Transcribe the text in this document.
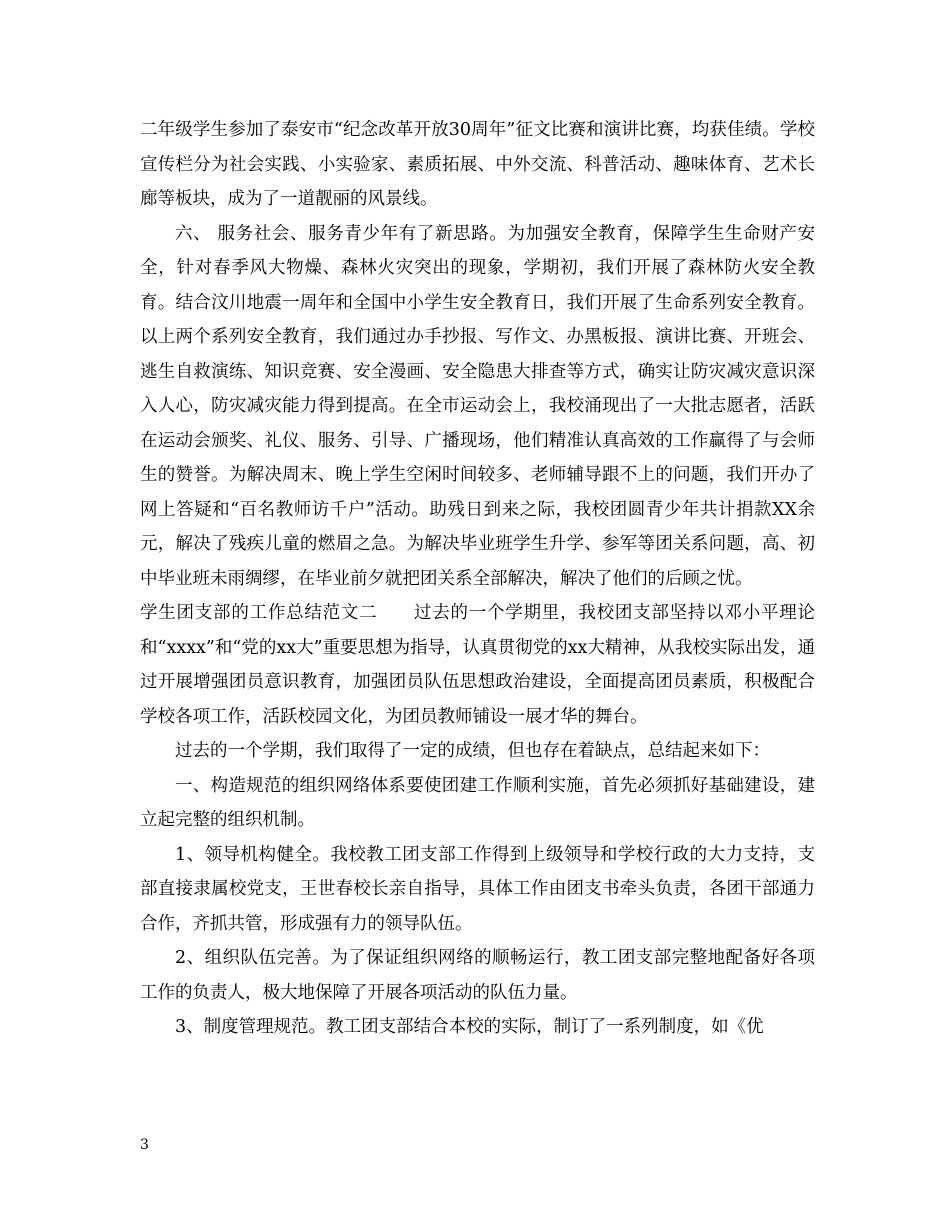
二年级学生参加了泰安市“纪念改革开放30周年”征文比赛和演讲比赛，均获佳绩。学校宣传栏分为社会实践、小实验家、素质拓展、中外交流、科普活动、趣味体育、艺术长廊等板块，成为了一道靓丽的风景线。

六、 服务社会、服务青少年有了新思路。为加强安全教育，保障学生生命财产安全，针对春季风大物燥、森林火灾突出的现象，学期初，我们开展了森林防火安全教育。结合汶川地震一周年和全国中小学生安全教育日，我们开展了生命系列安全教育。以上两个系列安全教育，我们通过办手抄报、写作文、办黑板报、演讲比赛、开班会、逃生自救演练、知识竞赛、安全漫画、安全隐患大排查等方式，确实让防灾减灾意识深入人心，防灾减灾能力得到提高。在全市运动会上，我校涌现出了一大批志愿者，活跃在运动会颁奖、礼仪、服务、引导、广播现场，他们精准认真高效的工作赢得了与会师生的赞誉。为解决周末、晚上学生空闲时间较多、老师辅导跟不上的问题，我们开办了网上答疑和“百名教师访千户”活动。助残日到来之际，我校团圆青少年共计捐款XX余元，解决了残疾儿童的燃眉之急。为解决毕业班学生升学、参军等团关系问题，高、初中毕业班未雨绸缪，在毕业前夕就把团关系全部解决，解决了他们的后顾之忧。

学生团支部的工作总结范文二　　过去的一个学期里，我校团支部坚持以邓小平理论和“xxxx”和“党的xx大”重要思想为指导，认真贯彻党的xx大精神，从我校实际出发，通过开展增强团员意识教育，加强团员队伍思想政治建设，全面提高团员素质，积极配合学校各项工作，活跃校园文化，为团员教师铺设一展才华的舞台。

过去的一个学期，我们取得了一定的成绩，但也存在着缺点，总结起来如下：

一、构造规范的组织网络体系要使团建工作顺利实施，首先必须抓好基础建设，建立起完整的组织机制。

1、领导机构健全。我校教工团支部工作得到上级领导和学校行政的大力支持，支部直接隶属校党支，王世春校长亲自指导，具体工作由团支书牵头负责，各团干部通力合作，齐抓共管，形成强有力的领导队伍。

2、组织队伍完善。为了保证组织网络的顺畅运行，教工团支部完整地配备好各项工作的负责人，极大地保障了开展各项活动的队伍力量。

3、制度管理规范。教工团支部结合本校的实际，制订了一系列制度，如《优

3
